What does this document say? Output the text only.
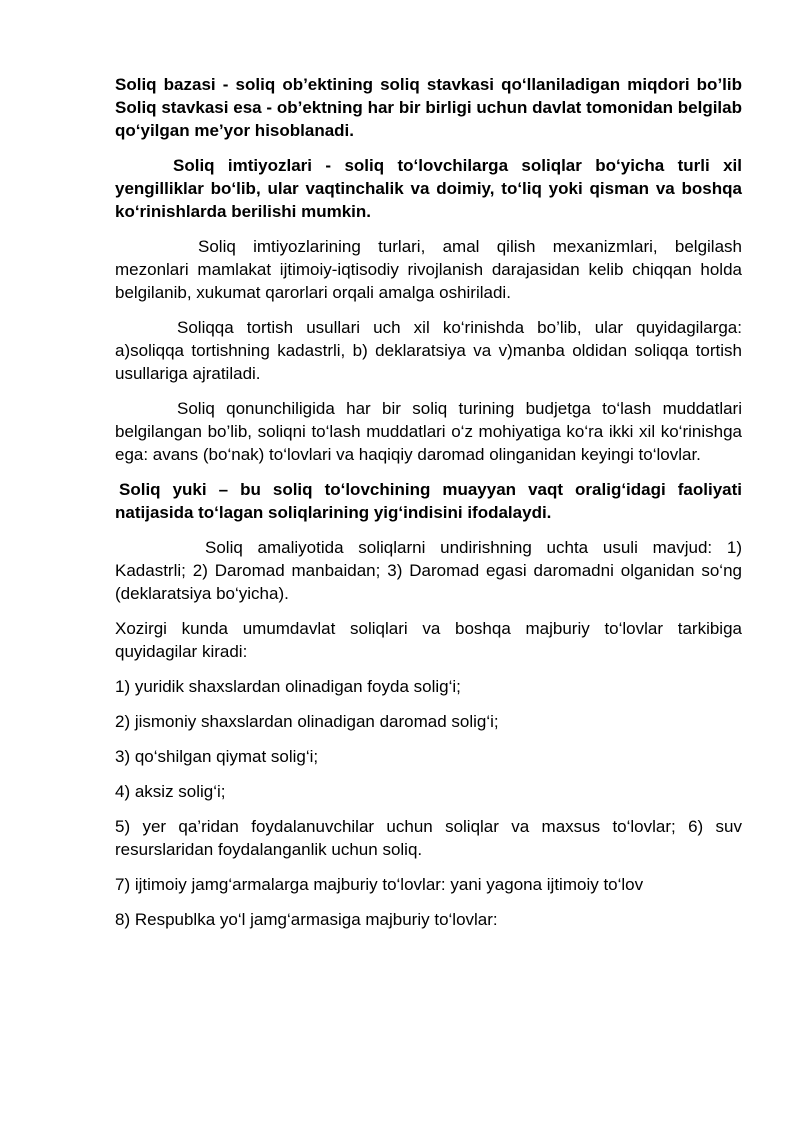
Soliq bazasi - soliq ob’ektining soliq stavkasi qo‘llaniladigan miqdori bo’lib Soliq stavkasi esa - ob’ektning har bir birligi uchun davlat tomonidan belgilab qo‘yilgan me’yor hisoblanadi.

Soliq imtiyozlari - soliq to‘lovchilarga soliqlar bo‘yicha turli xil yengilliklar bo‘lib, ular vaqtinchalik va doimiy, to‘liq yoki qisman va boshqa ko‘rinishlarda berilishi mumkin.

Soliq imtiyozlarining turlari, amal qilish mexanizmlari, belgilash mezonlari mamlakat ijtimoiy-iqtisodiy rivojlanish darajasidan kelib chiqqan holda belgilanib, xukumat qarorlari orqali amalga oshiriladi.

Soliqqa tortish usullari uch xil ko‘rinishda bo’lib, ular quyidagilarga: a)soliqqa tortishning kadastrli, b) deklaratsiya va v)manba oldidan soliqqa tortish usullariga ajratiladi.

Soliq qonunchiligida har bir soliq turining budjetga to‘lash muddatlari belgilangan bo’lib, soliqni to‘lash muddatlari o‘z mohiyatiga ko‘ra ikki xil ko‘rinishga ega: avans (bo‘nak) to‘lovlari va haqiqiy daromad olinganidan keyingi to‘lovlar.

Soliq yuki – bu soliq to‘lovchining muayyan vaqt oralig‘idagi faoliyati natijasida to‘lagan soliqlarining yig‘indisini ifodalaydi.

Soliq amaliyotida soliqlarni undirishning uchta usuli mavjud: 1) Kadastrli; 2) Daromad manbaidan; 3) Daromad egasi daromadni olganidan so‘ng (deklaratsiya bo‘yicha).

Xozirgi kunda umumdavlat soliqlari va boshqa majburiy to‘lovlar tarkibiga quyidagilar kiradi:

1) yuridik shaxslardan olinadigan foyda solig‘i;

2) jismoniy shaxslardan olinadigan daromad solig‘i;

3) qo‘shilgan qiymat solig‘i;

4) aksiz solig‘i;

5) yer qa’ridan foydalanuvchilar uchun soliqlar va maxsus to‘lovlar; 6) suv resurslaridan foydalanganlik uchun soliq.

7) ijtimoiy jamg‘armalarga majburiy to‘lovlar: yani yagona ijtimoiy to‘lov

8) Respublka yo‘l jamg‘armasiga majburiy to‘lovlar:
